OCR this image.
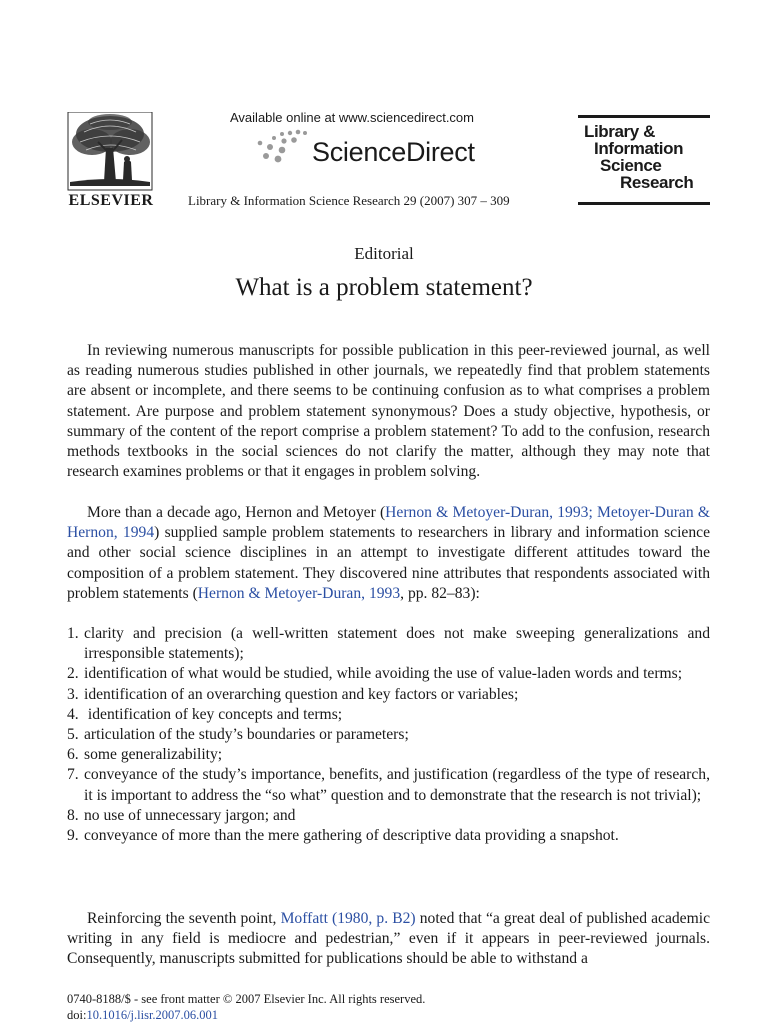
ELSEVIER
Available online at www.sciencedirect.com
ScienceDirect
Library & Information Science Research 29 (2007) 307 – 309
Library &
Information
Science
Research
Editorial
What is a problem statement?

In reviewing numerous manuscripts for possible publication in this peer-reviewed journal, as well as reading numerous studies published in other journals, we repeatedly find that problem statements are absent or incomplete, and there seems to be continuing confusion as to what comprises a problem statement. Are purpose and problem statement synonymous? Does a study objective, hypothesis, or summary of the content of the report comprise a problem statement? To add to the confusion, research methods textbooks in the social sciences do not clarify the matter, although they may note that research examines problems or that it engages in problem solving.

More than a decade ago, Hernon and Metoyer (Hernon & Metoyer-Duran, 1993; Metoyer-Duran & Hernon, 1994) supplied sample problem statements to researchers in library and information science and other social science disciplines in an attempt to investigate different attitudes toward the composition of a problem statement. They discovered nine attributes that respondents associated with problem statements (Hernon & Metoyer-Duran, 1993, pp. 82–83):

1. clarity and precision (a well-written statement does not make sweeping generalizations and irresponsible statements);
2. identification of what would be studied, while avoiding the use of value-laden words and terms;
3. identification of an overarching question and key factors or variables;
4. identification of key concepts and terms;
5. articulation of the study’s boundaries or parameters;
6. some generalizability;
7. conveyance of the study’s importance, benefits, and justification (regardless of the type of research, it is important to address the “so what” question and to demonstrate that the research is not trivial);
8. no use of unnecessary jargon; and
9. conveyance of more than the mere gathering of descriptive data providing a snapshot.

Reinforcing the seventh point, Moffatt (1980, p. B2) noted that “a great deal of published academic writing in any field is mediocre and pedestrian,” even if it appears in peer-reviewed journals. Consequently, manuscripts submitted for publications should be able to withstand a

0740-8188/$ - see front matter © 2007 Elsevier Inc. All rights reserved.
doi:10.1016/j.lisr.2007.06.001
